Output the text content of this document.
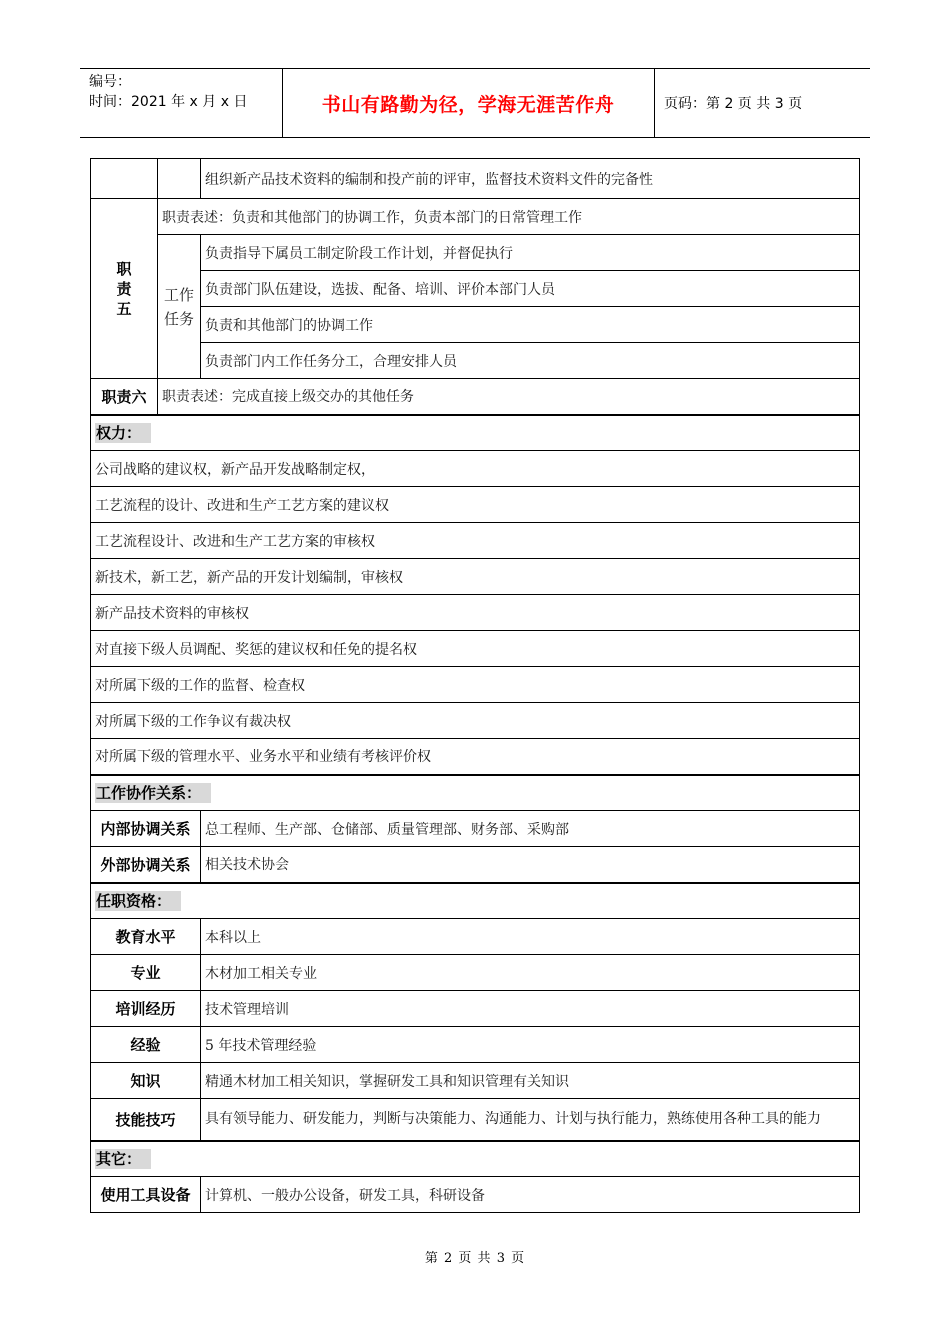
编号：
时间：2021 年 x 月 x 日	书山有路勤为径，学海无涯苦作舟	页码：第 2 页 共 3 页
		组织新产品技术资料的编制和投产前的评审，监督技术资料文件的完备性
职
责
五	职责表述：负责和其他部门的协调工作，负责本部门的日常管理工作	
	工作
任务	负责指导下属员工制定阶段工作计划，并督促执行
		负责部门队伍建设，选拔、配备、培训、评价本部门人员
		负责和其他部门的协调工作
		负责部门内工作任务分工，合理安排人员
职责六	职责表述：完成直接上级交办的其他任务	
权力：		
公司战略的建议权，新产品开发战略制定权，		
工艺流程的设计、改进和生产工艺方案的建议权		
工艺流程设计、改进和生产工艺方案的审核权		
新技术，新工艺，新产品的开发计划编制，审核权		
新产品技术资料的审核权		
对直接下级人员调配、奖惩的建议权和任免的提名权		
对所属下级的工作的监督、检查权		
对所属下级的工作争议有裁决权		
对所属下级的管理水平、业务水平和业绩有考核评价权		
工作协作关系：		
内部协调关系		总工程师、生产部、仓储部、质量管理部、财务部、采购部
外部协调关系		相关技术协会
任职资格：		
教育水平		本科以上
专业		木材加工相关专业
培训经历		技术管理培训
经验		5 年技术管理经验
知识		精通木材加工相关知识，掌握研发工具和知识管理有关知识
技能技巧		具有领导能力、研发能力，判断与决策能力、沟通能力、计划与执行能力，熟练使用各种工具的能力
其它：		
使用工具设备		计算机、一般办公设备，研发工具，科研设备
第 2 页 共 3 页
